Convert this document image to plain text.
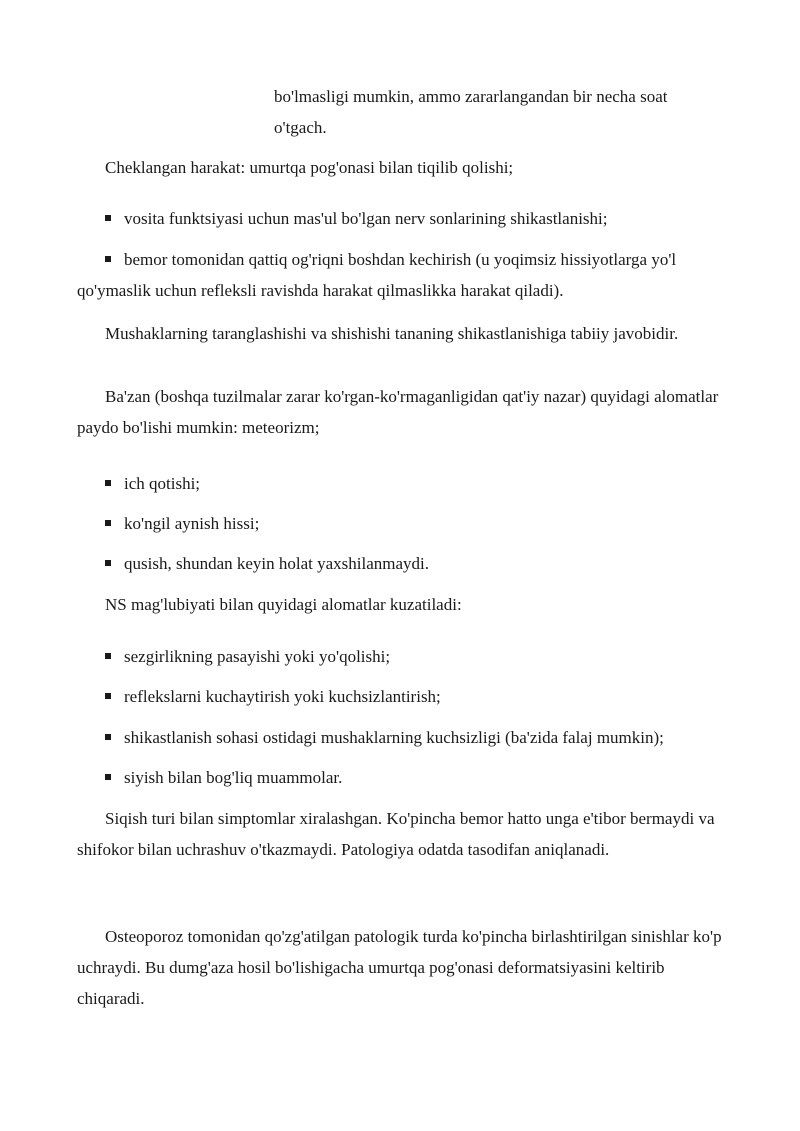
bo'lmasligi mumkin, ammo zararlangandan bir necha soat

o'tgach.

Cheklangan harakat: umurtqa pog'onasi bilan tiqilib qolishi;

vosita funktsiyasi uchun mas'ul bo'lgan nerv sonlarining shikastlanishi;

bemor tomonidan qattiq og'riqni boshdan kechirish (u yoqimsiz hissiyotlarga yo'l qo'ymaslik uchun refleksli ravishda harakat qilmaslikka harakat qiladi).

Mushaklarning taranglashishi va shishishi tananing shikastlanishiga tabiiy javobidir.

Ba'zan (boshqa tuzilmalar zarar ko'rgan-ko'rmaganligidan qat'iy nazar) quyidagi alomatlar paydo bo'lishi mumkin: meteorizm;

ich qotishi;

ko'ngil aynish hissi;

qusish, shundan keyin holat yaxshilanmaydi.

NS mag'lubiyati bilan quyidagi alomatlar kuzatiladi:

sezgirlikning pasayishi yoki yo'qolishi;

reflekslarni kuchaytirish yoki kuchsizlantirish;

shikastlanish sohasi ostidagi mushaklarning kuchsizligi (ba'zida falaj mumkin);

siyish bilan bog'liq muammolar.

Siqish turi bilan simptomlar xiralashgan. Ko'pincha bemor hatto unga e'tibor bermaydi va shifokor bilan uchrashuv o'tkazmaydi. Patologiya odatda tasodifan aniqlanadi.

Osteoporoz tomonidan qo'zg'atilgan patologik turda ko'pincha birlashtirilgan sinishlar ko'p uchraydi. Bu dumg'aza hosil bo'lishigacha umurtqa pog'onasi deformatsiyasini keltirib chiqaradi.
